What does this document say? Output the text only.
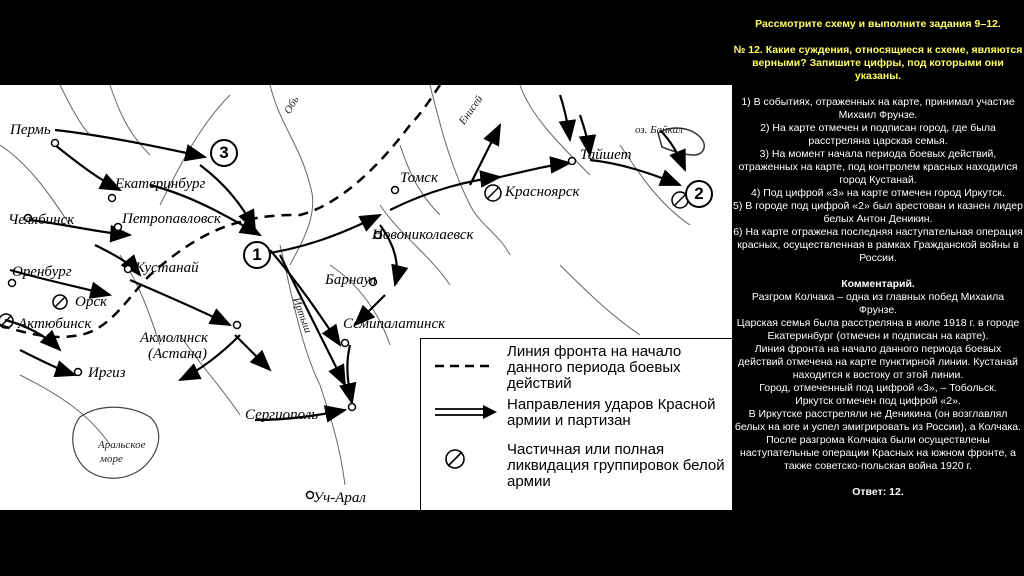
Пермь
Екатеринбург
Челябинск	Петропавловск
Кустанай
Оренбург
Орск
Актюбинск
Акмолинск
(Астана)
Иргиз
Сергиополь
Уч-Арал
Семипалатинск
Барнаул
Новониколаевск
Томск
Красноярск
Тайшет
Обь	Енисей
оз. Байкал
Иртыш
Аральское
море
1
2
3
Линия фронта на начало данного периода боевых действий
Направления ударов Красной армии и партизан
Частичная или полная ликвидация группировок белой армии

Рассмотрите схему и выполните задания 9–12.

№ 12. Какие суждения, относящиеся к схеме, являются верными? Запишите цифры, под которыми они указаны.

1) В событиях, отраженных на карте, принимал участие Михаил Фрунзе.

2) На карте отмечен и подписан город, где была расстреляна царская семья.

3) На момент начала периода боевых действий, отраженных на карте, под контролем красных находился город Кустанай.

4) Под цифрой «3» на карте отмечен город Иркутск.

5) В городе под цифрой «2» был арестован и казнен лидер белых Антон Деникин.

6) На карте отражена последняя наступательная операция красных, осуществленная в рамках Гражданской войны в России.

Комментарий.

Разгром Колчака – одна из главных побед Михаила Фрунзе.

Царская семья была расстреляна в июле 1918 г. в городе Екатеринбург (отмечен и подписан на карте).

Линия фронта на начало данного периода боевых действий отмечена на карте пунктирной линии. Кустанай находится к востоку от этой линии.

Город, отмеченный под цифрой «3», – Тобольск.

Иркутск отмечен под цифрой «2».

В Иркутске расстреляли не Деникина (он возглавлял белых на юге и успел эмигрировать из России), а Колчака.

После разгрома Колчака были осуществлены наступательные операции Красных на южном фронте, а также советско-польская война 1920 г.

Ответ: 12.
